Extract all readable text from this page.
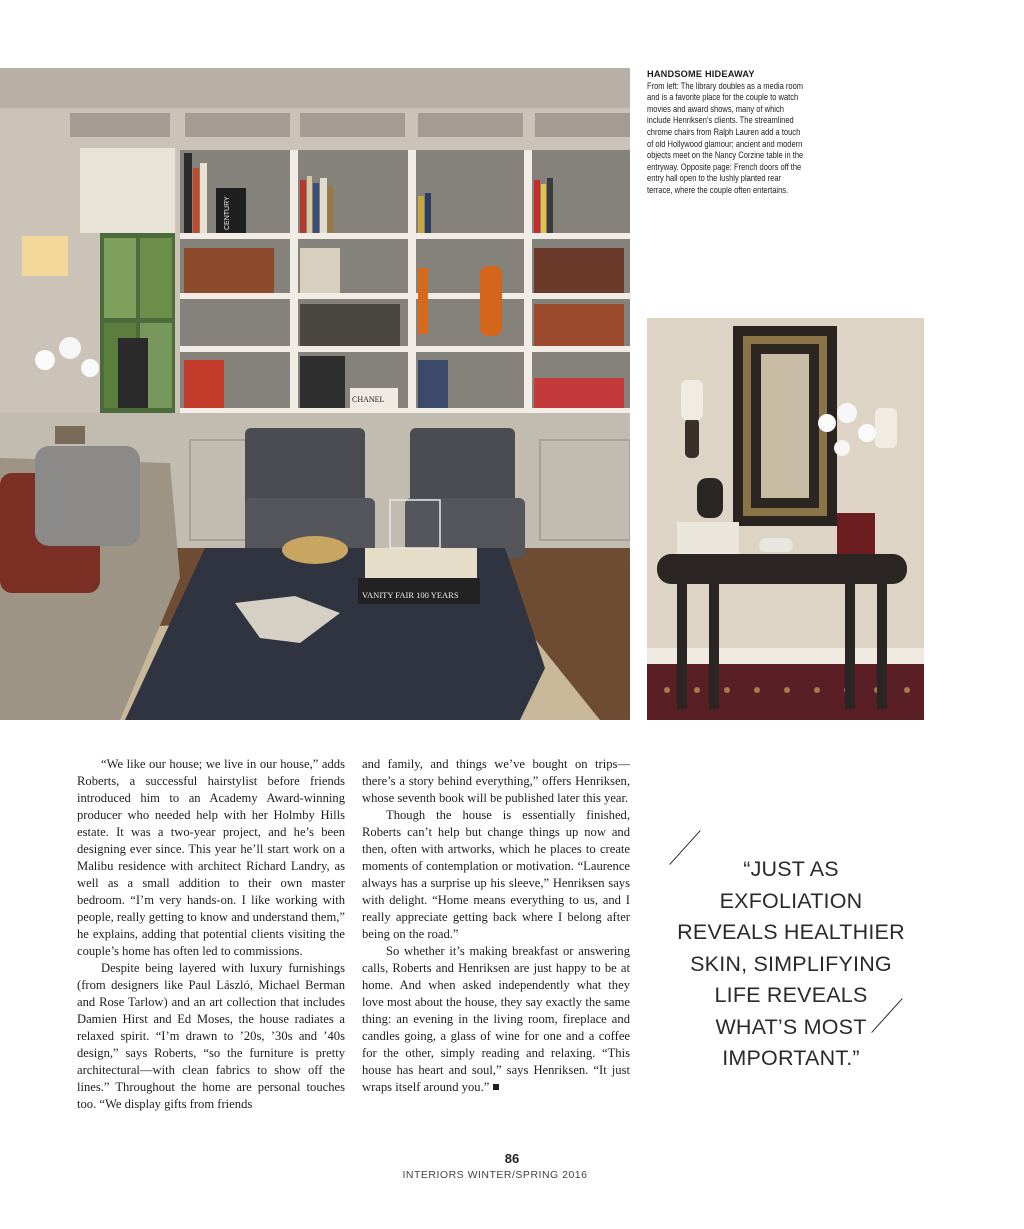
CHANEL
CENTURY
VANITY FAIR 100 YEARS
HANDSOME HIDEAWAY
From left: The library doubles as a media room and is a favorite place for the couple to watch movies and award shows, many of which include Henriksen’s clients. The streamlined chrome chairs from Ralph Lauren add a touch of old Hollywood glamour; ancient and modern objects meet on the Nancy Corzine table in the entryway. Opposite page: French doors off the entry hall open to the lushly planted rear terrace, where the couple often entertains.

“We like our house; we live in our house,” adds Roberts, a successful hairstylist before friends introduced him to an Academy Award-winning producer who needed help with her Holmby Hills estate. It was a two-year project, and he’s been designing ever since. This year he’ll start work on a Malibu residence with architect Richard Landry, as well as a small addition to their own master bedroom. “I’m very hands-on. I like working with people, really getting to know and understand them,” he explains, adding that potential clients visiting the couple’s home has often led to commissions.

Despite being layered with luxury furnishings (from designers like Paul László, Michael Berman and Rose Tarlow) and an art collection that includes Damien Hirst and Ed Moses, the house radiates a relaxed spirit. “I’m drawn to ’20s, ’30s and ’40s design,” says Roberts, “so the furniture is pretty architectural—with clean fabrics to show off the lines.” Throughout the home are personal touches too. “We display gifts from friends

and family, and things we’ve bought on trips—there’s a story behind everything,” offers Henriksen, whose seventh book will be published later this year.

Though the house is essentially finished, Roberts can’t help but change things up now and then, often with artworks, which he places to create moments of contemplation or motivation. “Laurence always has a surprise up his sleeve,” Henriksen says with delight. “Home means everything to us, and I really appreciate getting back where I belong after being on the road.”

So whether it’s making breakfast or answering calls, Roberts and Henriksen are just happy to be at home. And when asked independently what they love most about the house, they say exactly the same thing: an evening in the living room, fireplace and candles going, a glass of wine for one and a coffee for the other, simply reading and relaxing. “This house has heart and soul,” says Henriksen. “It just wraps itself around you.”

“JUST AS EXFOLIATION REVEALS HEALTHIER SKIN, SIMPLIFYING LIFE REVEALS WHAT’S MOST IMPORTANT.”
86
INTERIORS WINTER/SPRING 2016
